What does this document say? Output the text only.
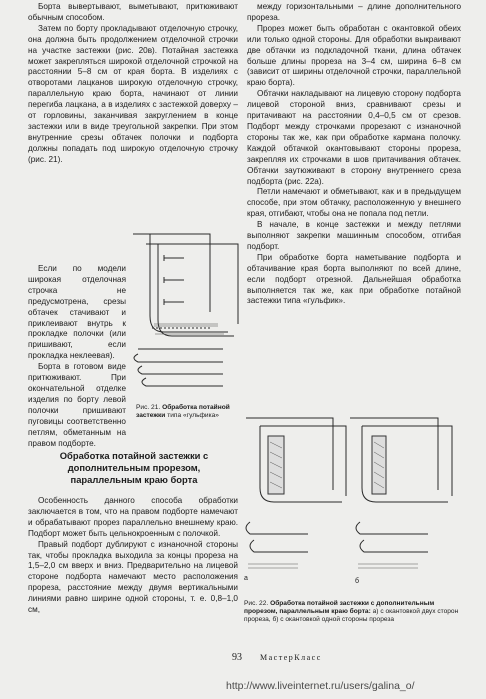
Борта вывертывают, выметывают, притюживают обычным способом.

Затем по борту прокладывают отделочную строчку, она должна быть продолжением отделочной строчки на участке застежки (рис. 20в). Потайная застежка может закрепляться широкой отделочной строчкой на расстоянии 5–8 см от края борта. В изделиях с отворотами лацканов широкую отделочную строчку, параллельную краю борта, начинают от линии перегиба лацкана, а в изделиях с застежкой доверху – от горловины, заканчивая закруглением в конце застежки или в виде треугольной закрепки. При этом внутренние срезы обтачек полочки и подборта должны попадать под широкую отделочную строчку (рис. 21).

Если по модели широкая отделочная строчка не предусмотрена, срезы обтачек стачивают и приклеивают внутрь к прокладке полочки (или пришивают, если прокладка неклеевая).

Борта в готовом виде притюживают. При окончательной отделке изделия по борту левой полочки пришивают пуговицы соответственно петлям, обметанным на правом подборте.

Рис. 21. Обработка потайной застежки типа «гульфика»
Обработка потайной застежки с дополнительным прорезом, параллельным краю борта

Особенность данного способа обработки заключается в том, что на правом подборте намечают и обрабатывают прорез параллельно внешнему краю. Подборт может быть цельнокроенным с полочкой.

Правый подборт дублируют с изнаночной стороны так, чтобы прокладка выходила за концы прореза на 1,5–2,0 см вверх и вниз. Предварительно на лицевой стороне подборта намечают место расположения прореза, расстояние между двумя вертикальными линиями равно ширине одной стороны, т. е. 0,8–1,0 см,

между горизонтальными – длине дополнительного прореза.

Прорез может быть обработан с окантовкой обеих или только одной стороны. Для обработки выкраивают две обтачки из подкладочной ткани, длина обтачек больше длины прореза на 3–4 см, ширина 6–8 см (зависит от ширины отделочной строчки, параллельной краю борта).

Обтачки накладывают на лицевую сторону подборта лицевой стороной вниз, сравнивают срезы и притачивают на расстоянии 0,4–0,5 см от срезов. Подборт между строчками прорезают с изнаночной стороны так же, как при обработке кармана полочку. Каждой обтачкой окантовывают стороны прореза, закрепляя их строчками в шов притачивания обтачек. Обтачки заутюживают в сторону внутреннего среза подборта (рис. 22а).

Петли намечают и обметывают, как и в предыдущем способе, при этом обтачку, расположенную у внешнего края, отгибают, чтобы она не попала под петли.

В начале, в конце застежки и между петлями выполняют закрепки машинным способом, отгибая подборт.

При обработке борта наметывание подборта и обтачивание края борта выполняют по всей длине, если подборт отрезной. Дальнейшая обработка выполняется так же, как при обработке потайной застежки типа «гульфик».

а	б
Рис. 22. Обработка потайной застежки с дополнительным прорезом, параллельным краю борта: а) с окантовкой двух сторон прореза, б) с окантовкой одной стороны прореза
93 МастерКласс
http://www.liveinternet.ru/users/galina_o/
